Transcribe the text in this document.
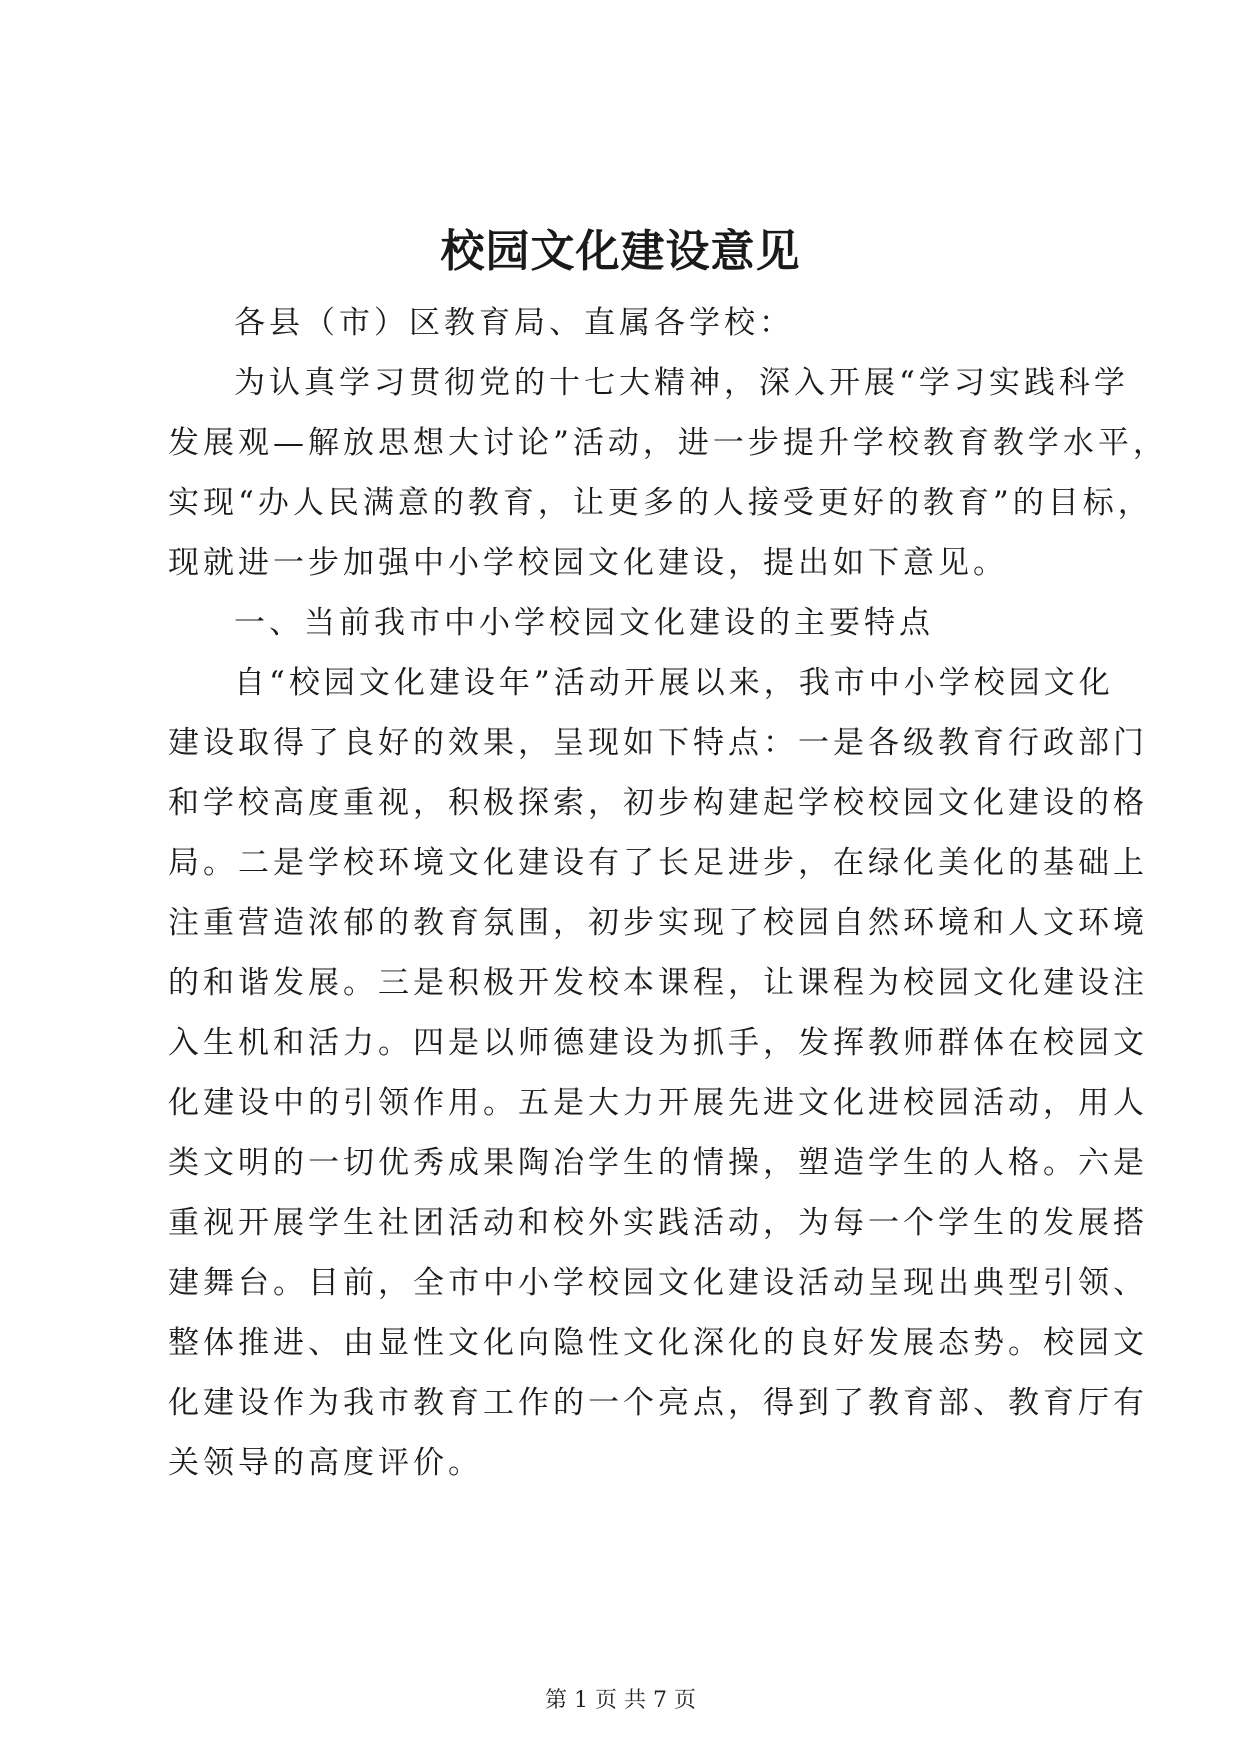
校园文化建设意见
各县（市）区教育局、直属各学校：
为认真学习贯彻党的十七大精神，深入开展“学习实践科学
发展观—解放思想大讨论”活动，进一步提升学校教育教学水平，
实现“办人民满意的教育，让更多的人接受更好的教育”的目标，
现就进一步加强中小学校园文化建设，提出如下意见。
一、当前我市中小学校园文化建设的主要特点
自“校园文化建设年”活动开展以来，我市中小学校园文化
建设取得了良好的效果，呈现如下特点：一是各级教育行政部门
和学校高度重视，积极探索，初步构建起学校校园文化建设的格
局。二是学校环境文化建设有了长足进步，在绿化美化的基础上
注重营造浓郁的教育氛围，初步实现了校园自然环境和人文环境
的和谐发展。三是积极开发校本课程，让课程为校园文化建设注
入生机和活力。四是以师德建设为抓手，发挥教师群体在校园文
化建设中的引领作用。五是大力开展先进文化进校园活动，用人
类文明的一切优秀成果陶冶学生的情操，塑造学生的人格。六是
重视开展学生社团活动和校外实践活动，为每一个学生的发展搭
建舞台。目前，全市中小学校园文化建设活动呈现出典型引领、
整体推进、由显性文化向隐性文化深化的良好发展态势。校园文
化建设作为我市教育工作的一个亮点，得到了教育部、教育厅有
关领导的高度评价。
第 1 页 共 7 页
